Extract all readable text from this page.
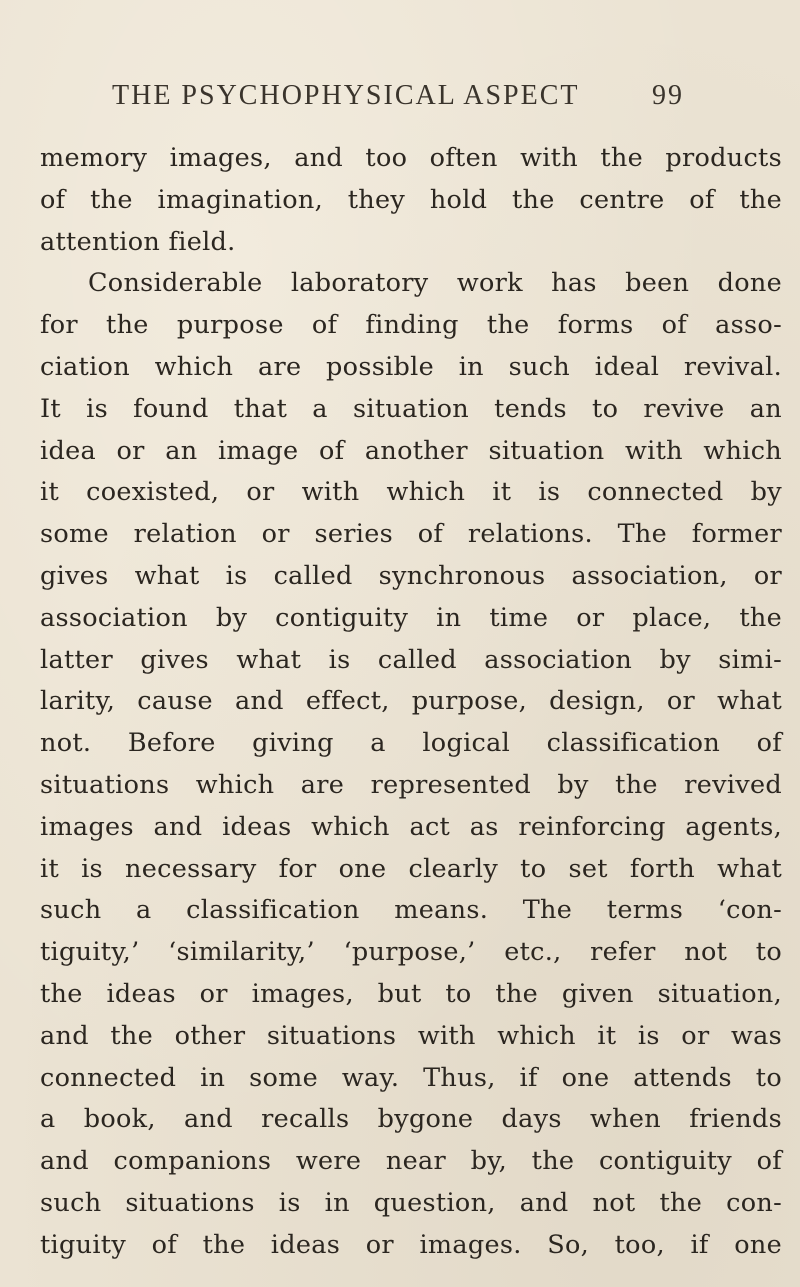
THE PSYCHOPHYSICAL ASPECT	99
memory images, and too often with the products
of the imagination, they hold the centre of the
attention field.
Considerable laboratory work has been done
for the purpose of finding the forms of asso-
ciation which are possible in such ideal revival.
It is found that a situation tends to revive an
idea or an image of another situation with which
it coexisted, or with which it is connected by
some relation or series of relations. The former
gives what is called synchronous association, or
association by contiguity in time or place, the
latter gives what is called association by simi-
larity, cause and effect, purpose, design, or what
not. Before giving a logical classification of
situations which are represented by the revived
images and ideas which act as reinforcing agents,
it is necessary for one clearly to set forth what
such a classification means. The terms ‘con-
tiguity,’ ‘similarity,’ ‘purpose,’ etc., refer not to
the ideas or images, but to the given situation,
and the other situations with which it is or was
connected in some way. Thus, if one attends to
a book, and recalls bygone days when friends
and companions were near by, the contiguity of
such situations is in question, and not the con-
tiguity of the ideas or images. So, too, if one
